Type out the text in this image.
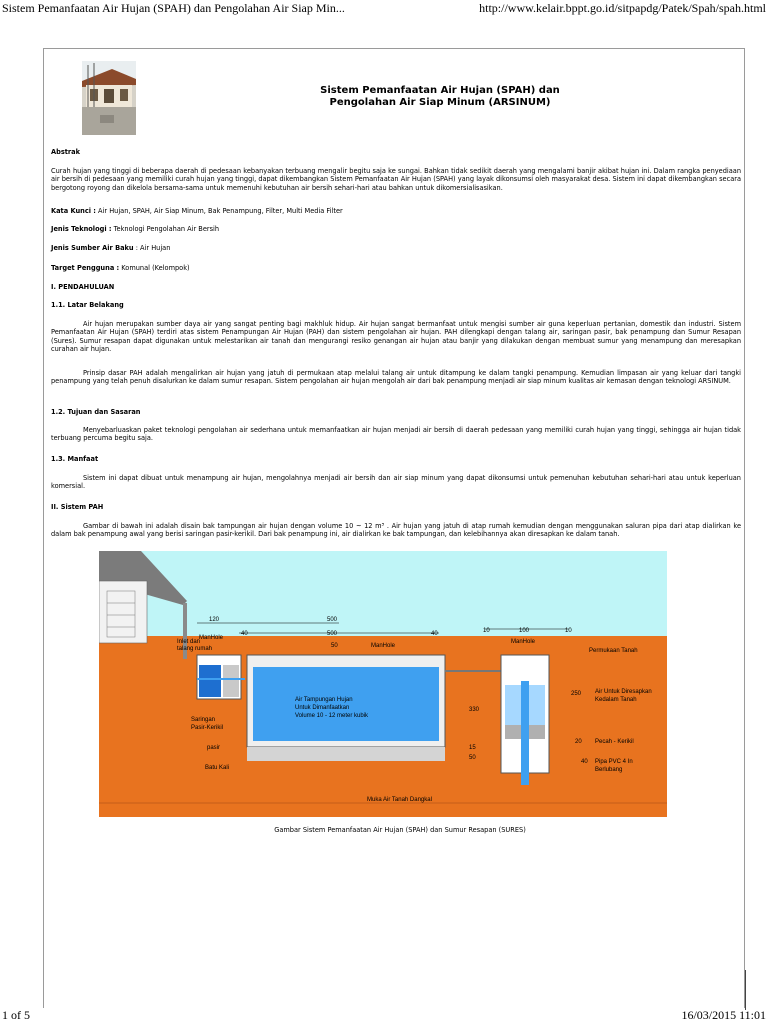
Sistem Pemanfaatan Air Hujan (SPAH) dan Pengolahan Air Siap Min...	http://www.kelair.bppt.go.id/sitpapdg/Patek/Spah/spah.html
Sistem Pemanfaatan Air Hujan (SPAH) dan
Pengolahan Air Siap Minum (ARSINUM)
Abstrak
Curah hujan yang tinggi di beberapa daerah di pedesaan kebanyakan terbuang mengalir begitu saja ke sungai. Bahkan tidak sedikit daerah yang mengalami banjir akibat hujan ini. Dalam rangka penyediaan air bersih di pedesaan yang memiliki curah hujan yang tinggi, dapat dikembangkan Sistem Pemanfaatan Air Hujan (SPAH) yang layak dikonsumsi oleh masyarakat desa. Sistem ini dapat dikembangkan secara bergotong royong dan dikelola bersama-sama untuk memenuhi kebutuhan air bersih sehari-hari atau bahkan untuk dikomersialisasikan.
Kata Kunci : Air Hujan, SPAH, Air Siap Minum, Bak Penampung, Filter, Multi Media Filter
Jenis Teknologi : Teknologi Pengolahan Air Bersih
Jenis Sumber Air Baku : Air Hujan
Target Pengguna : Komunal (Kelompok)
I. PENDAHULUAN
1.1. Latar Belakang
Air hujan merupakan sumber daya air yang sangat penting bagi makhluk hidup. Air hujan sangat bermanfaat untuk mengisi sumber air guna keperluan pertanian, domestik dan industri. Sistem Pemanfaatan Air Hujan (SPAH) terdiri atas sistem Penampungan Air Hujan (PAH) dan sistem pengolahan air hujan. PAH dilengkapi dengan talang air, saringan pasir, bak penampung dan Sumur Resapan (Sures). Sumur resapan dapat digunakan untuk melestarikan air tanah dan mengurangi resiko genangan air hujan atau banjir yang dilakukan dengan membuat sumur yang menampung dan meresapkan curahan air hujan.
Prinsip dasar PAH adalah mengalirkan air hujan yang jatuh di permukaan atap melalui talang air untuk ditampung ke dalam tangki penampung. Kemudian limpasan air yang keluar dari tangki penampung yang telah penuh disalurkan ke dalam sumur resapan. Sistem pengolahan air hujan mengolah air dari bak penampung menjadi air siap minum kualitas air kemasan dengan teknologi ARSINUM.
1.2. Tujuan dan Sasaran
Menyebarluaskan paket teknologi pengolahan air sederhana untuk memanfaatkan air hujan menjadi air bersih di daerah pedesaan yang memiliki curah hujan yang tinggi, sehingga air hujan tidak terbuang percuma begitu saja.
1.3. Manfaat
Sistem ini dapat dibuat untuk menampung air hujan, mengolahnya menjadi air bersih dan air siap minum yang dapat dikonsumsi untuk pemenuhan kebutuhan sehari-hari atau untuk keperluan komersial.
II. Sistem PAH
Gambar di bawah ini adalah disain bak tampungan air hujan dengan volume 10 ~ 12 m³ . Air hujan yang jatuh di atap rumah kemudian dengan menggunakan saluran pipa dari atap dialirkan ke dalam bak penampung awal yang berisi saringan pasir-kerikil. Dari bak penampung ini, air dialirkan ke bak tampungan, dan kelebihannya akan diresapkan ke dalam tanah.
120
40
500
500	40
50
10	100	10
Inlet dan
talang rumah
ManHole
ManHole
ManHole
Permukaan Tanah
Air Tampungan Hujan
Untuk Dimanfaatkan
Volume 10 - 12 meter kubik
Saringan
Pasir-Kerikil
pasir
Batu Kali
330
15
50
250
20
40
Air Untuk Diresapkan
Kedalam Tanah
Pecah - Kerikil
Pipa PVC 4 In
Berlubang
Muka Air Tanah Dangkal
Gambar Sistem Pemanfaatan Air Hujan (SPAH) dan Sumur Resapan (SURES)
1 of 5	16/03/2015 11:01
